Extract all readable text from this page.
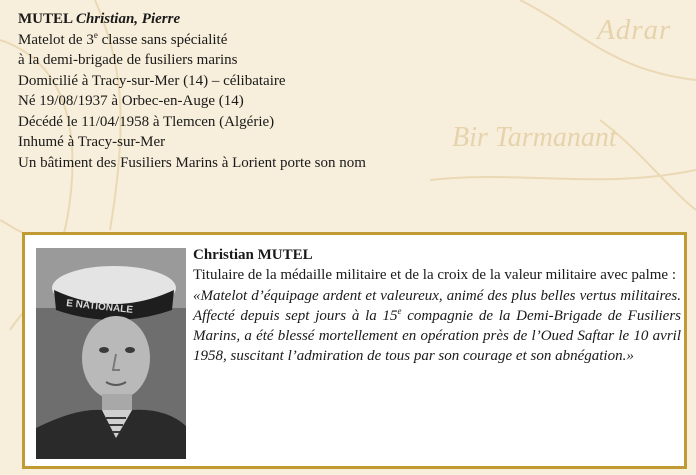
Adrar
Bir Tarmanant
MUTEL Christian, Pierre
Matelot de 3e classe sans spécialité
à la demi-brigade de fusiliers marins
Domicilié à Tracy-sur-Mer (14) – célibataire
Né 19/08/1937 à Orbec-en-Auge (14)
Décédé le 11/04/1958 à Tlemcen (Algérie)
Inhumé à Tracy-sur-Mer
Un bâtiment des Fusiliers Marins à Lorient porte son nom
E NATIONALE
Christian MUTEL
Titulaire de la médaille militaire et de la croix de la valeur militaire avec palme :
«Matelot d’équipage ardent et valeureux, animé des plus belles vertus militaires. Affecté depuis sept jours à la 15e compagnie de la Demi-Brigade de Fusiliers Marins, a été blessé mortellement en opération près de l’Oued Saftar le 10 avril 1958, suscitant l’admiration de tous par son courage et son abnégation.»
